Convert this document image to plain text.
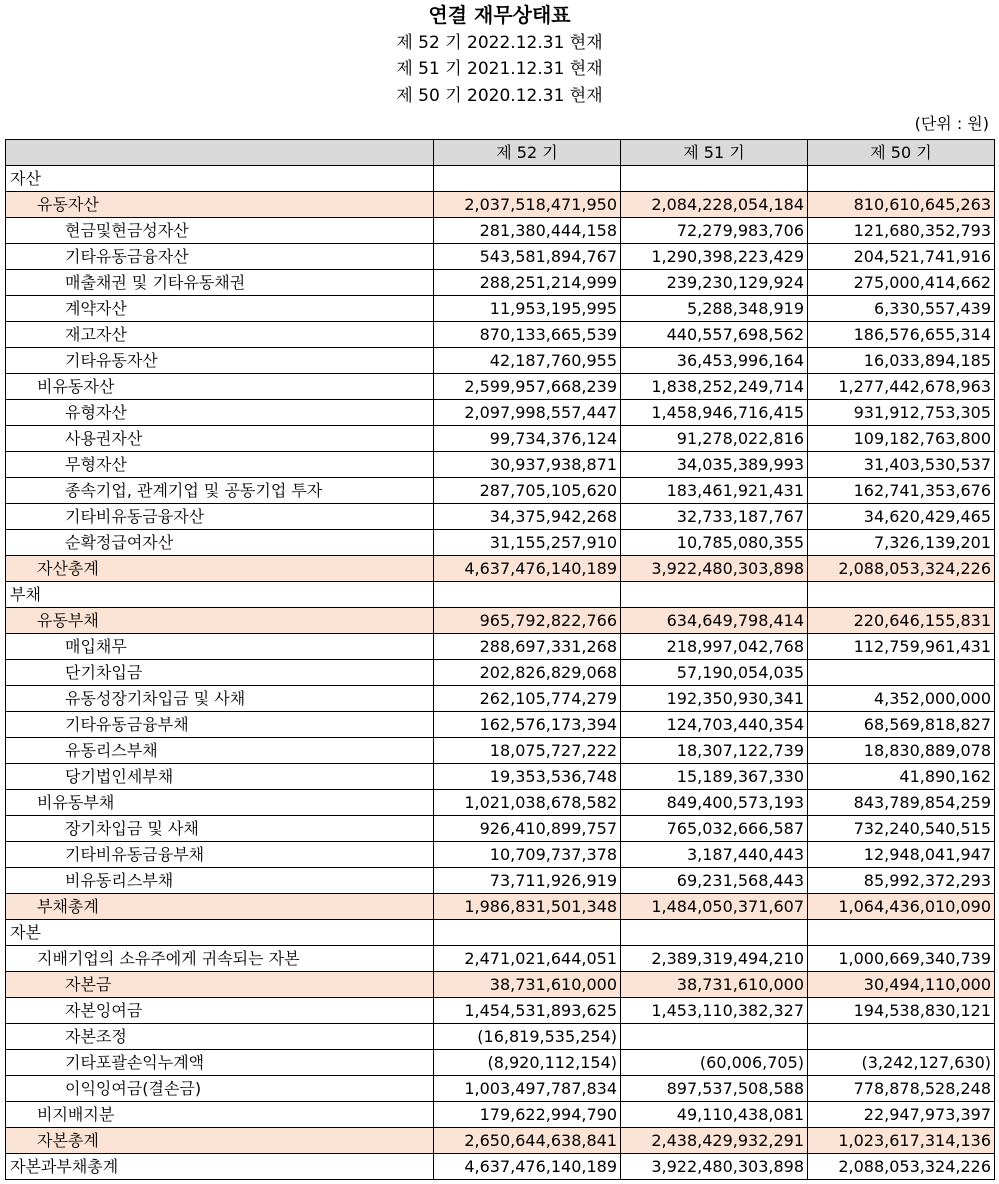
연결 재무상태표
제 52 기 2022.12.31 현재
제 51 기 2021.12.31 현재
제 50 기 2020.12.31 현재
(단위 : 원)
	제 52 기	제 51 기	제 50 기
자산			
유동자산	2,037,518,471,950	2,084,228,054,184	810,610,645,263
현금및현금성자산	281,380,444,158	72,279,983,706	121,680,352,793
기타유동금융자산	543,581,894,767	1,290,398,223,429	204,521,741,916
매출채권 및 기타유동채권	288,251,214,999	239,230,129,924	275,000,414,662
계약자산	11,953,195,995	5,288,348,919	6,330,557,439
재고자산	870,133,665,539	440,557,698,562	186,576,655,314
기타유동자산	42,187,760,955	36,453,996,164	16,033,894,185
비유동자산	2,599,957,668,239	1,838,252,249,714	1,277,442,678,963
유형자산	2,097,998,557,447	1,458,946,716,415	931,912,753,305
사용권자산	99,734,376,124	91,278,022,816	109,182,763,800
무형자산	30,937,938,871	34,035,389,993	31,403,530,537
종속기업, 관계기업 및 공동기업 투자	287,705,105,620	183,461,921,431	162,741,353,676
기타비유동금융자산	34,375,942,268	32,733,187,767	34,620,429,465
순확정급여자산	31,155,257,910	10,785,080,355	7,326,139,201
자산총계	4,637,476,140,189	3,922,480,303,898	2,088,053,324,226
부채			
유동부채	965,792,822,766	634,649,798,414	220,646,155,831
매입채무	288,697,331,268	218,997,042,768	112,759,961,431
단기차입금	202,826,829,068	57,190,054,035	
유동성장기차입금 및 사채	262,105,774,279	192,350,930,341	4,352,000,000
기타유동금융부채	162,576,173,394	124,703,440,354	68,569,818,827
유동리스부채	18,075,727,222	18,307,122,739	18,830,889,078
당기법인세부채	19,353,536,748	15,189,367,330	41,890,162
비유동부채	1,021,038,678,582	849,400,573,193	843,789,854,259
장기차입금 및 사채	926,410,899,757	765,032,666,587	732,240,540,515
기타비유동금융부채	10,709,737,378	3,187,440,443	12,948,041,947
비유동리스부채	73,711,926,919	69,231,568,443	85,992,372,293
부채총계	1,986,831,501,348	1,484,050,371,607	1,064,436,010,090
자본			
지배기업의 소유주에게 귀속되는 자본	2,471,021,644,051	2,389,319,494,210	1,000,669,340,739
자본금	38,731,610,000	38,731,610,000	30,494,110,000
자본잉여금	1,454,531,893,625	1,453,110,382,327	194,538,830,121
자본조정	(16,819,535,254)		
기타포괄손익누계액	(8,920,112,154)	(60,006,705)	(3,242,127,630)
이익잉여금(결손금)	1,003,497,787,834	897,537,508,588	778,878,528,248
비지배지분	179,622,994,790	49,110,438,081	22,947,973,397
자본총계	2,650,644,638,841	2,438,429,932,291	1,023,617,314,136
자본과부채총계	4,637,476,140,189	3,922,480,303,898	2,088,053,324,226
